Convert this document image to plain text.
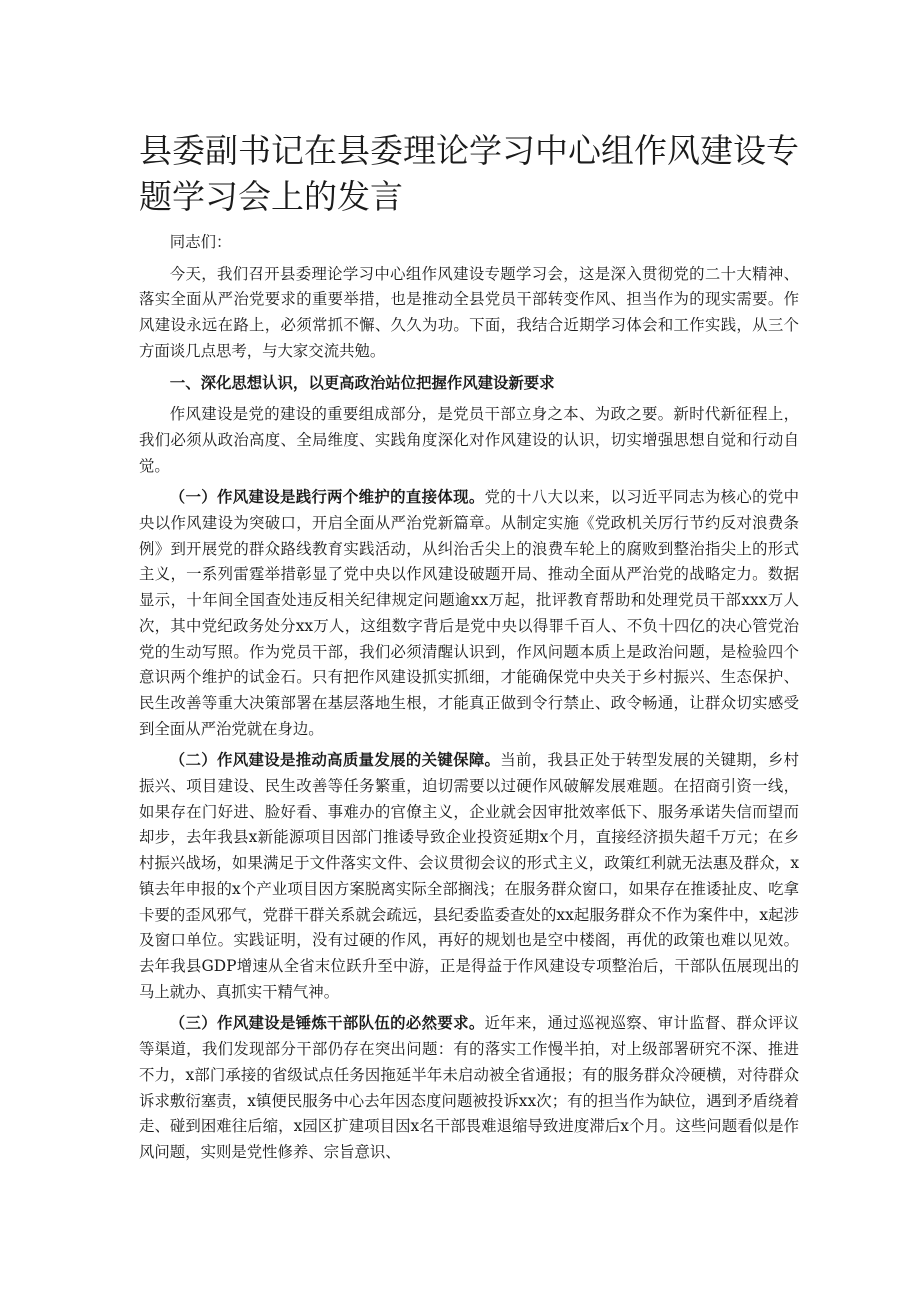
县委副书记在县委理论学习中心组作风建设专题学习会上的发言

同志们：

今天，我们召开县委理论学习中心组作风建设专题学习会，这是深入贯彻党的二十大精神、落实全面从严治党要求的重要举措，也是推动全县党员干部转变作风、担当作为的现实需要。作风建设永远在路上，必须常抓不懈、久久为功。下面，我结合近期学习体会和工作实践，从三个方面谈几点思考，与大家交流共勉。

一、深化思想认识，以更高政治站位把握作风建设新要求

作风建设是党的建设的重要组成部分，是党员干部立身之本、为政之要。新时代新征程上，我们必须从政治高度、全局维度、实践角度深化对作风建设的认识，切实增强思想自觉和行动自觉。

（一）作风建设是践行两个维护的直接体现。党的十八大以来，以习近平同志为核心的党中央以作风建设为突破口，开启全面从严治党新篇章。从制定实施《党政机关厉行节约反对浪费条例》到开展党的群众路线教育实践活动，从纠治舌尖上的浪费车轮上的腐败到整治指尖上的形式主义，一系列雷霆举措彰显了党中央以作风建设破题开局、推动全面从严治党的战略定力。数据显示，十年间全国查处违反相关纪律规定问题逾xx万起，批评教育帮助和处理党员干部xxx万人次，其中党纪政务处分xx万人，这组数字背后是党中央以得罪千百人、不负十四亿的决心管党治党的生动写照。作为党员干部，我们必须清醒认识到，作风问题本质上是政治问题，是检验四个意识两个维护的试金石。只有把作风建设抓实抓细，才能确保党中央关于乡村振兴、生态保护、民生改善等重大决策部署在基层落地生根，才能真正做到令行禁止、政令畅通，让群众切实感受到全面从严治党就在身边。

（二）作风建设是推动高质量发展的关键保障。当前，我县正处于转型发展的关键期，乡村振兴、项目建设、民生改善等任务繁重，迫切需要以过硬作风破解发展难题。在招商引资一线，如果存在门好进、脸好看、事难办的官僚主义，企业就会因审批效率低下、服务承诺失信而望而却步，去年我县x新能源项目因部门推诿导致企业投资延期x个月，直接经济损失超千万元；在乡村振兴战场，如果满足于文件落实文件、会议贯彻会议的形式主义，政策红利就无法惠及群众，x镇去年申报的x个产业项目因方案脱离实际全部搁浅；在服务群众窗口，如果存在推诿扯皮、吃拿卡要的歪风邪气，党群干群关系就会疏远，县纪委监委查处的xx起服务群众不作为案件中，x起涉及窗口单位。实践证明，没有过硬的作风，再好的规划也是空中楼阁，再优的政策也难以见效。去年我县GDP增速从全省末位跃升至中游，正是得益于作风建设专项整治后，干部队伍展现出的马上就办、真抓实干精气神。

（三）作风建设是锤炼干部队伍的必然要求。近年来，通过巡视巡察、审计监督、群众评议等渠道，我们发现部分干部仍存在突出问题：有的落实工作慢半拍，对上级部署研究不深、推进不力，x部门承接的省级试点任务因拖延半年未启动被全省通报；有的服务群众冷硬横，对待群众诉求敷衍塞责，x镇便民服务中心去年因态度问题被投诉xx次；有的担当作为缺位，遇到矛盾绕着走、碰到困难往后缩，x园区扩建项目因x名干部畏难退缩导致进度滞后x个月。这些问题看似是作风问题，实则是党性修养、宗旨意识、
